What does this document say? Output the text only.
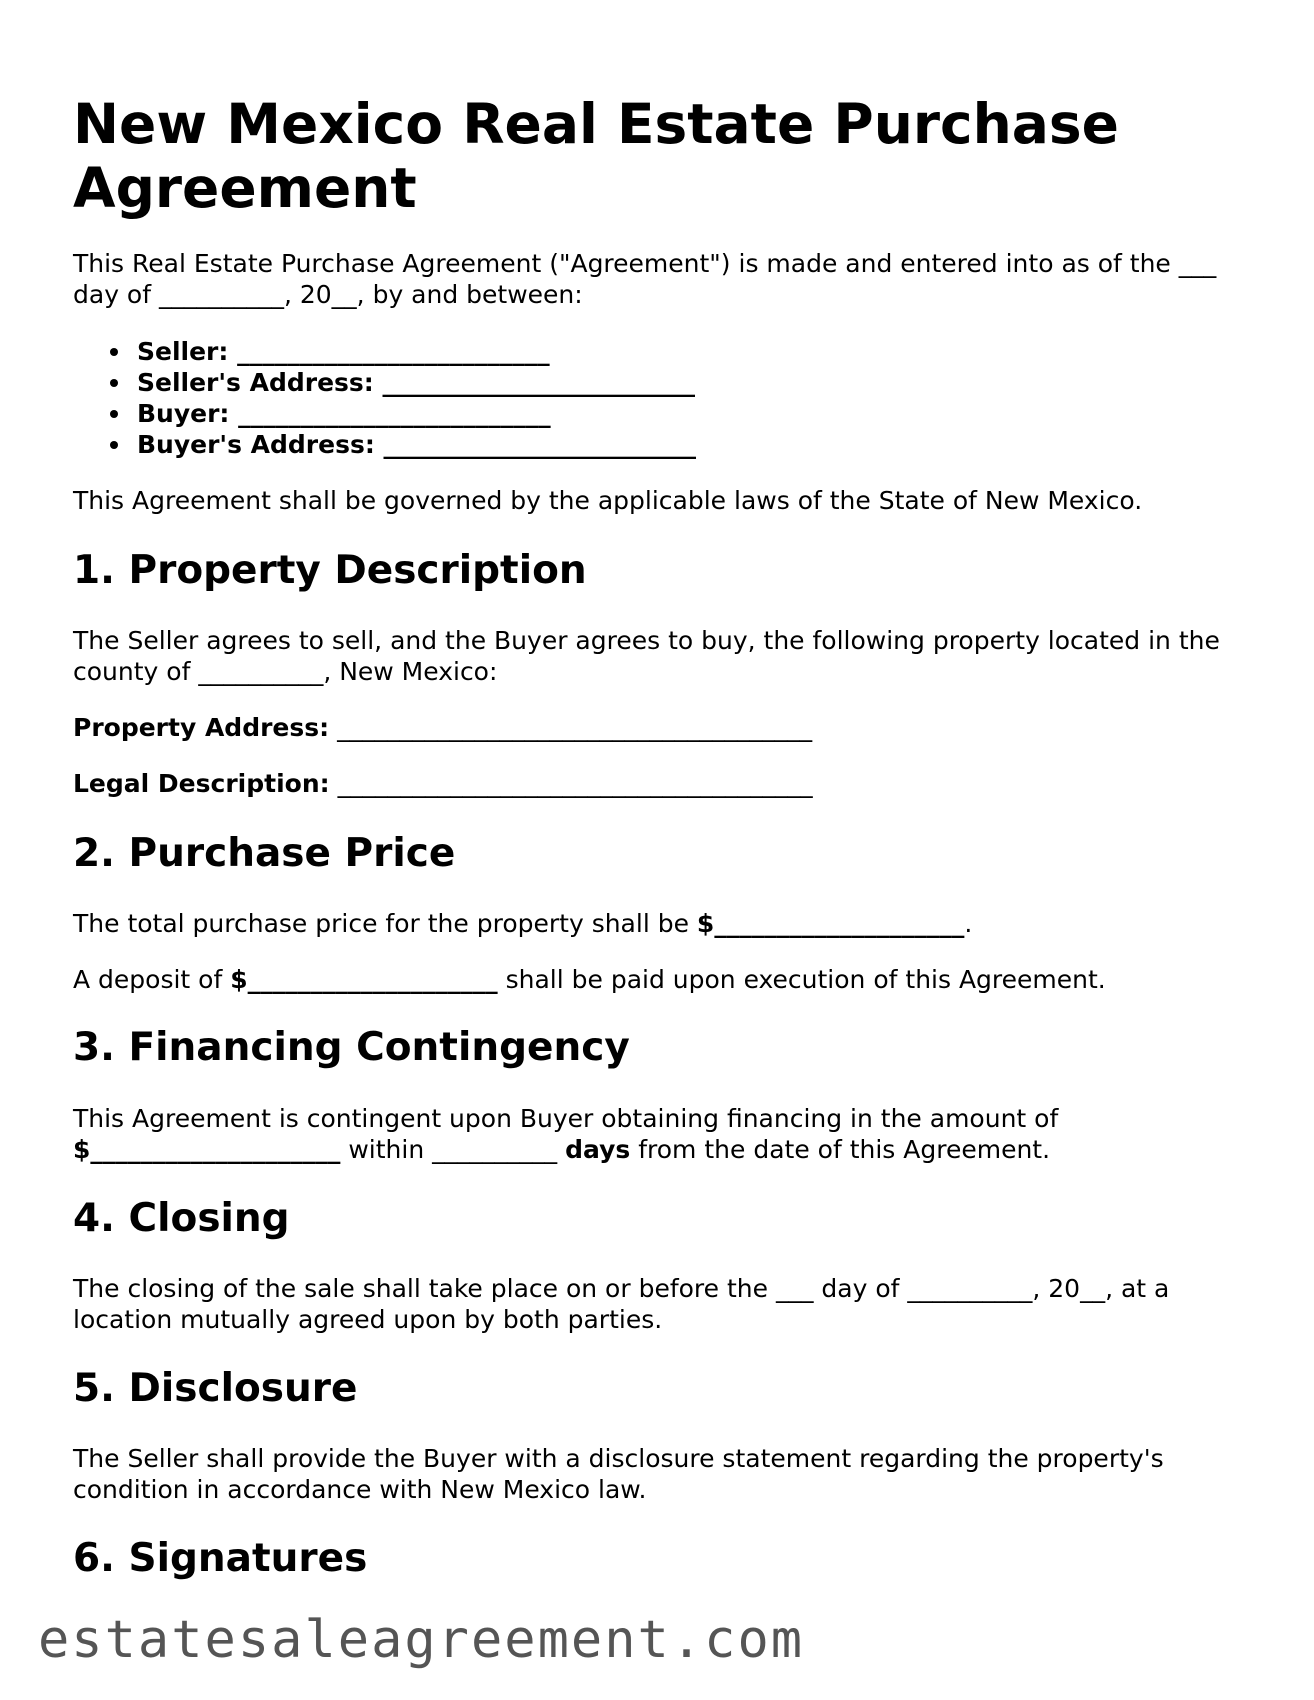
New Mexico Real Estate Purchase Agreement

This Real Estate Purchase Agreement ("Agreement") is made and entered into as of the ___ day of __________, 20__, by and between:

Seller: _________________________
Seller's Address: _________________________
Buyer: _________________________
Buyer's Address: _________________________

This Agreement shall be governed by the applicable laws of the State of New Mexico.

1. Property Description

The Seller agrees to sell, and the Buyer agrees to buy, the following property located in the county of __________, New Mexico:

Property Address: ______________________________________

Legal Description: ______________________________________

2. Purchase Price

The total purchase price for the property shall be $____________________.

A deposit of $____________________ shall be paid upon execution of this Agreement.

3. Financing Contingency

This Agreement is contingent upon Buyer obtaining financing in the amount of
$____________________ within __________ days from the date of this Agreement.

4. Closing

The closing of the sale shall take place on or before the ___ day of __________, 20__, at a location mutually agreed upon by both parties.

5. Disclosure

The Seller shall provide the Buyer with a disclosure statement regarding the property's condition in accordance with New Mexico law.

6. Signatures
estatesaleagreement.com
